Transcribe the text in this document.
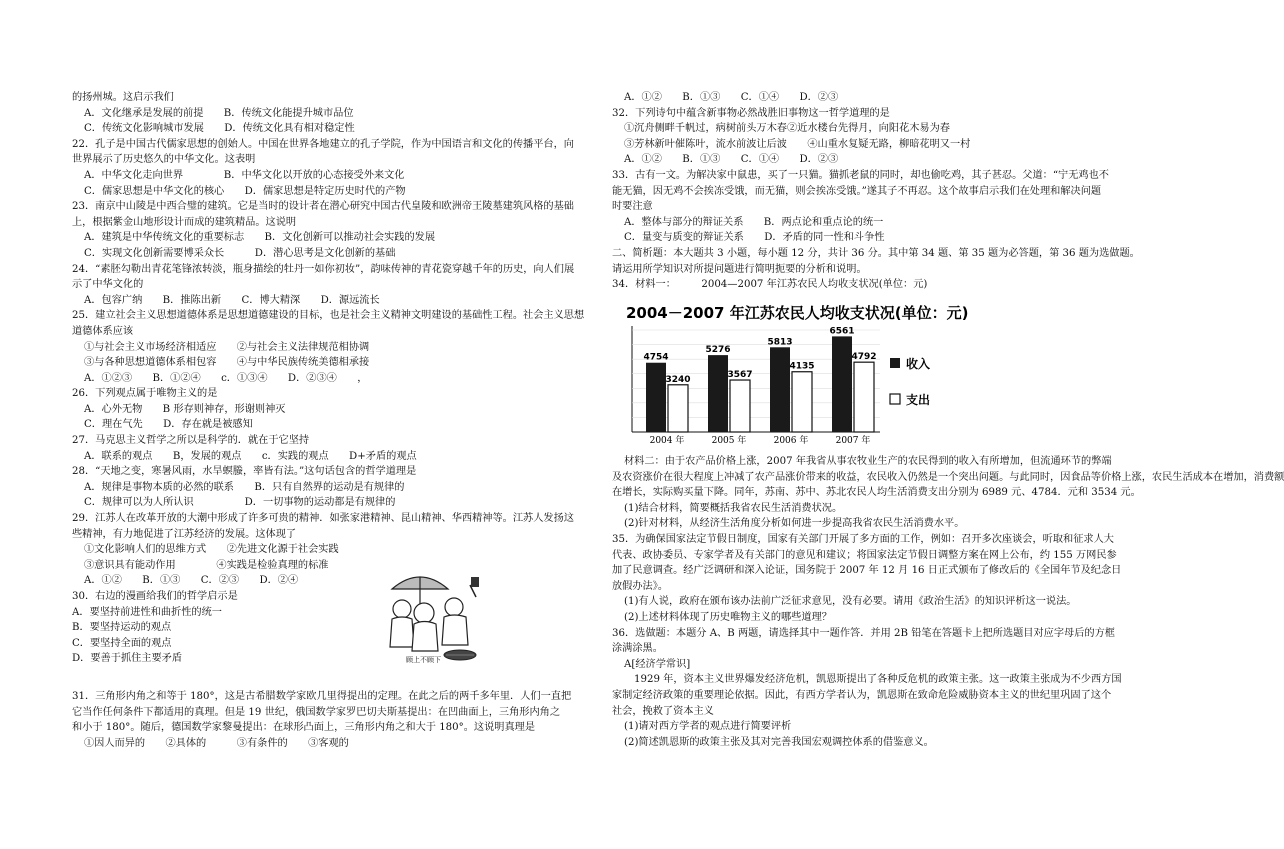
的扬州城。这启示我们
A．文化继承是发展的前提　　B．传统文化能提升城市品位
C．传统文化影响城市发展　　D．传统文化具有相对稳定性
22．孔子是中国古代儒家思想的创始人。中国在世界各地建立的孔子学院，作为中国语言和文化的传播平台，向
世界展示了历史悠久的中华文化。这表明
A．中华文化走向世界　　　　B．中华文化以开放的心态接受外来文化
C．儒家思想是中华文化的核心　　D．儒家思想是特定历史时代的产物
23．南京中山陵是中西合璧的建筑。它是当时的设计者在潜心研究中国古代皇陵和欧洲帝王陵墓建筑风格的基础
上，根据紫金山地形设计而成的建筑精品。这说明
A．建筑是中华传统文化的重要标志　　B．文化创新可以推动社会实践的发展
C．实现文化创新需要博采众长　　　D．潜心思考是文化创新的基础
24．“素胚勾勒出青花笔锋浓转淡，瓶身描绘的牡丹一如你初妆”，韵味传神的青花瓷穿越千年的历史，向人们展
示了中华文化的
A．包容广纳　　B．推陈出新　　C．博大精深　　D．源远流长
25．建立社会主义思想道德体系是思想道德建设的目标，也是社会主义精神文明建设的基础性工程。社会主义思想
道德体系应该
①与社会主义市场经济相适应　　②与社会主义法律规范相协调
③与各种思想道德体系相包容　　④与中华民族传统美德相承接
A．①②③　　B．①②④　　c．①③④　　D．②③④　　，
26．下列观点属于唯物主义的是
A．心外无物　　B 形存则神存，形谢则神灭
C．理在气先　　D．存在就是被感知
27．马克思主义哲学之所以是科学的．就在于它坚持
A．联系的观点　　B，发展的观点　　c．实践的观点　　D+矛盾的观点
28．“天地之变，寒暑风雨，水旱螟螣，率皆有法。”这句话包含的哲学道理是
A．规律是事物本质的必然的联系　　B．只有自然界的运动是有规律的
C．规律可以为人所认识　　　　　D．一切事物的运动都是有规律的
29．江苏人在改革开放的大潮中形成了许多可贵的精神．如张家港精神、昆山精神、华西精神等。江苏人发扬这
些精神，有力地促进了江苏经济的发展。这体现了
①文化影响人们的思维方式　　②先进文化源于社会实践
③意识具有能动作用　　　　④实践是检验真理的标准
A．①②　　B．①③　　C．②③　　D．②④
30．右边的漫画给我们的哲学启示是
A．要坚持前进性和曲折性的统一
B．要坚持运动的观点
C．要坚持全面的观点
D．要善于抓住主要矛盾
31．三角形内角之和等于 180°，这是古希腊数学家欧几里得提出的定理。在此之后的两千多年里．人们一直把
它当作任何条件下都适用的真理。但是 19 世纪，俄国数学家罗巴切夫斯基提出：在凹曲面上，三角形内角之
和小于 180°。随后，德国数学家黎曼提出：在球形凸面上，三角形内角之和大于 180°。这说明真理是
①因人而异的　　②具体的　　　③有条件的　　③客观的
顾上不顾下
A．①②　　B．①③　　C．①④　　D．②③
32．下列诗句中蕴含新事物必然战胜旧事物这一哲学道理的是
①沉舟侧畔千帆过，病树前头万木春②近水楼台先得月，向阳花木易为春
③芳林新叶催陈叶，流水前波让后波　　④山重水复疑无路，柳暗花明又一村
A．①②　　B．①③　　C．①④　　D．②③
33．古有一文。为解决家中鼠患，买了一只猫。猫抓老鼠的同时，却也偷吃鸡，其子甚忍。父道：“宁无鸡也不
能无猫，因无鸡不会挨冻受饿，而无猫，则会挨冻受饿。”遂其子不再忍。这个故事启示我们在处理和解决问题
时要注意
A．整体与部分的辩证关系　　B．两点论和重点论的统一
C．量变与质变的辩证关系　　D．矛盾的同一性和斗争性
二、简析题：本大题共 3 小题，每小题 12 分，共计 36 分。其中第 34 题、第 35 题为必答题，第 36 题为选做题。
请运用所学知识对所提问题进行简明扼要的分析和说明。
34．材料一：　　　2004—2007 年江苏农民人均收支状况(单位：元)
2004－2007 年江苏农民人均收支状况(单位：元)
4754
3240
2004 年
5276
3567
2005 年
5813
4135
2006 年
6561
4792
2007 年
收入
支出
材料二：由于农产品价格上涨，2007 年我省从事农牧业生产的农民得到的收入有所增加，但流通环节的弊端
及农资涨价在很大程度上冲减了农产品涨价带来的收益，农民收入仍然是一个突出问题。与此同时，因食品等价格上涨，农民生活成本在增加，消费额
在增长，实际购买量下降。同年，苏南、苏中、苏北农民人均生活消费支出分别为 6989 元、4784．元和 3534 元。
(1)结合材料，简要概括我省农民生活消费状况。
(2)针对材料，从经济生活角度分析如何进一步提高我省农民生活消费水平。
35．为确保国家法定节假日制度，国家有关部门开展了多方面的工作，例如：召开多次座谈会，听取和征求人大
代表、政协委员、专家学者及有关部门的意见和建议；将国家法定节假日调整方案在网上公布，约 155 万网民参
加了民意调查。经广泛调研和深入论证，国务院于 2007 年 12 月 16 日正式颁布了修改后的《全国年节及纪念日
放假办法》。
(1)有人说，政府在颁布该办法前广泛征求意见，没有必要。请用《政治生活》的知识评析这一说法。
(2)上述材料体现了历史唯物主义的哪些道理？
36．选做题：本题分 A、B 两题，请选择其中一题作答．并用 2B 铅笔在答题卡上把所选题目对应字母后的方框
涂满涂黑。
A[经济学常识]
1929 年，资本主义世界爆发经济危机，凯恩斯提出了各种反危机的政策主张。这一政策主张成为不少西方国
家制定经济政策的重要理论依据。因此，有西方学者认为，凯恩斯在致命危险威胁资本主义的世纪里巩固了这个
社会，挽救了资本主义
(1)请对西方学者的观点进行简要评析
(2)简述凯恩斯的政策主张及其对完善我国宏观调控体系的借鉴意义。
